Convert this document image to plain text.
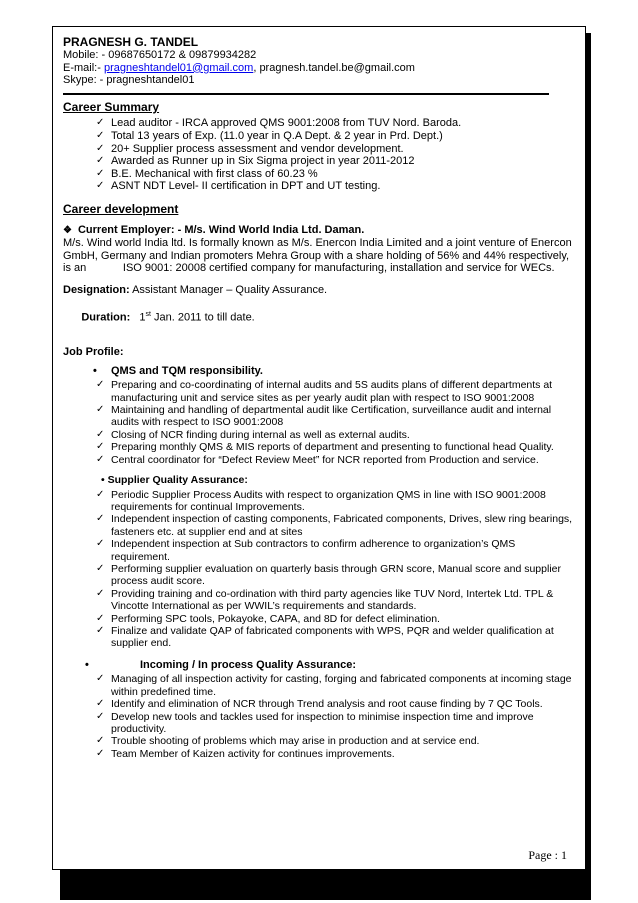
PRAGNESH G. TANDEL
Mobile: - 09687650172 & 09879934282
E-mail:- pragneshtandel01@gmail.com, pragnesh.tandel.be@gmail.com
Skype: - pragneshtandel01
Career Summary
✓ Lead auditor - IRCA approved QMS 9001:2008 from TUV Nord. Baroda.
✓ Total 13 years of Exp. (11.0 year in Q.A Dept. & 2 year in Prd. Dept.)
✓ 20+ Supplier process assessment and vendor development.
✓ Awarded as Runner up in Six Sigma project in year 2011-2012
✓ B.E. Mechanical with first class of 60.23 %
✓ ASNT NDT Level- II certification in DPT and UT testing.
Career development
❖ Current Employer: - M/s. Wind World India Ltd. Daman.
M/s. Wind world India ltd. Is formally known as M/s. Enercon India Limited and a joint venture of Enercon GmbH, Germany and Indian promoters Mehra Group with a share holding of 56% and 44% respectively, is an            ISO 9001: 20008 certified company for manufacturing, installation and service for WECs.
Designation: Assistant Manager – Quality Assurance.

Duration:   1st Jan. 2011 to till date.

Job Profile:
• QMS and TQM responsibility.
✓ Preparing and co-coordinating of internal audits and 5S audits plans of different departments at manufacturing unit and service sites as per yearly audit plan with respect to ISO 9001:2008
✓ Maintaining and handling of departmental audit like Certification, surveillance audit and internal audits with respect to ISO 9001:2008
✓ Closing of NCR finding during internal as well as external audits.
✓ Preparing monthly QMS & MIS reports of department and presenting to functional head Quality.
✓ Central coordinator for “Defect Review Meet” for NCR reported from Production and service.
• Supplier Quality Assurance:
✓ Periodic Supplier Process Audits with respect to organization QMS in line with ISO 9001:2008 requirements for continual Improvements.
✓ Independent inspection of casting components, Fabricated components, Drives, slew ring bearings, fasteners etc. at supplier end and at sites
✓ Independent inspection at Sub contractors to confirm adherence to organization’s QMS requirement.
✓ Performing supplier evaluation on quarterly basis through GRN score, Manual score and supplier process audit score.
✓ Providing training and co-ordination with third party agencies like TUV Nord, Intertek Ltd. TPL & Vincotte International as per WWIL’s requirements and standards.
✓ Performing SPC tools, Pokayoke, CAPA, and 8D for defect elimination.
✓ Finalize and validate QAP of fabricated components with WPS, PQR and welder qualification at supplier end.
•	Incoming / In process Quality Assurance:
✓ Managing of all inspection activity for casting, forging and fabricated components at incoming stage within predefined time.
✓ Identify and elimination of NCR through Trend analysis and root cause finding by 7 QC Tools.
✓ Develop new tools and tackles used for inspection to minimise inspection time and improve productivity.
✓ Trouble shooting of problems which may arise in production and at service end.
✓ Team Member of Kaizen activity for continues improvements.
Page : 1
